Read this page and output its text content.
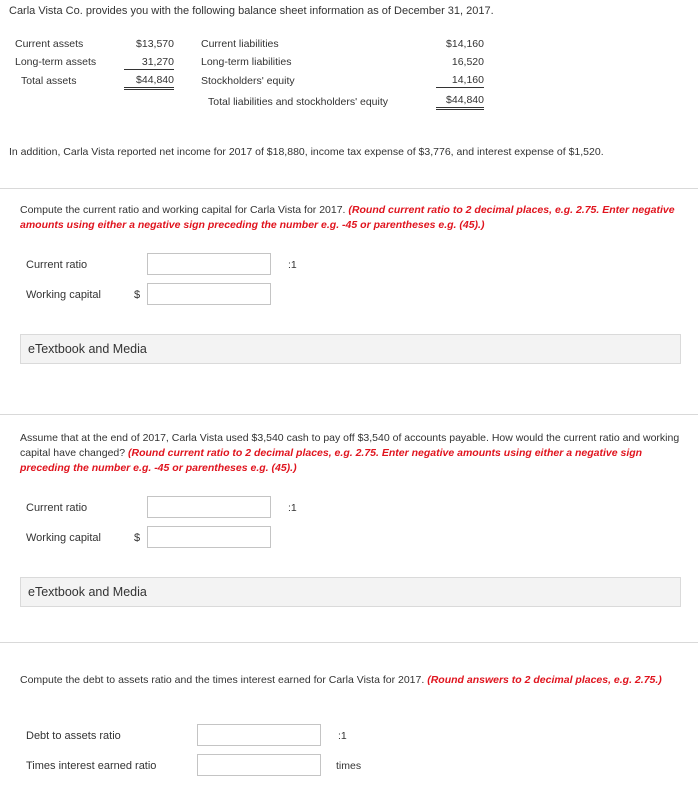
Carla Vista Co. provides you with the following balance sheet information as of December 31, 2017.
Current assets	$13,570
Long-term assets	31,270
Total assets	$44,840
Current liabilities	$14,160
Long-term liabilities	16,520
Stockholders' equity	14,160
Total liabilities and stockholders' equity	$44,840
In addition, Carla Vista reported net income for 2017 of $18,880, income tax expense of $3,776, and interest expense of $1,520.
Compute the current ratio and working capital for Carla Vista for 2017. (Round current ratio to 2 decimal places, e.g. 2.75. Enter negative amounts using either a negative sign preceding the number e.g. -45 or parentheses e.g. (45).)
Current ratio	:1
Working capital	$
eTextbook and Media
Assume that at the end of 2017, Carla Vista used $3,540 cash to pay off $3,540 of accounts payable. How would the current ratio and working capital have changed? (Round current ratio to 2 decimal places, e.g. 2.75. Enter negative amounts using either a negative sign preceding the number e.g. -45 or parentheses e.g. (45).)
Current ratio	:1
Working capital	$
eTextbook and Media
Compute the debt to assets ratio and the times interest earned for Carla Vista for 2017. (Round answers to 2 decimal places, e.g. 2.75.)
Debt to assets ratio	:1
Times interest earned ratio	times
